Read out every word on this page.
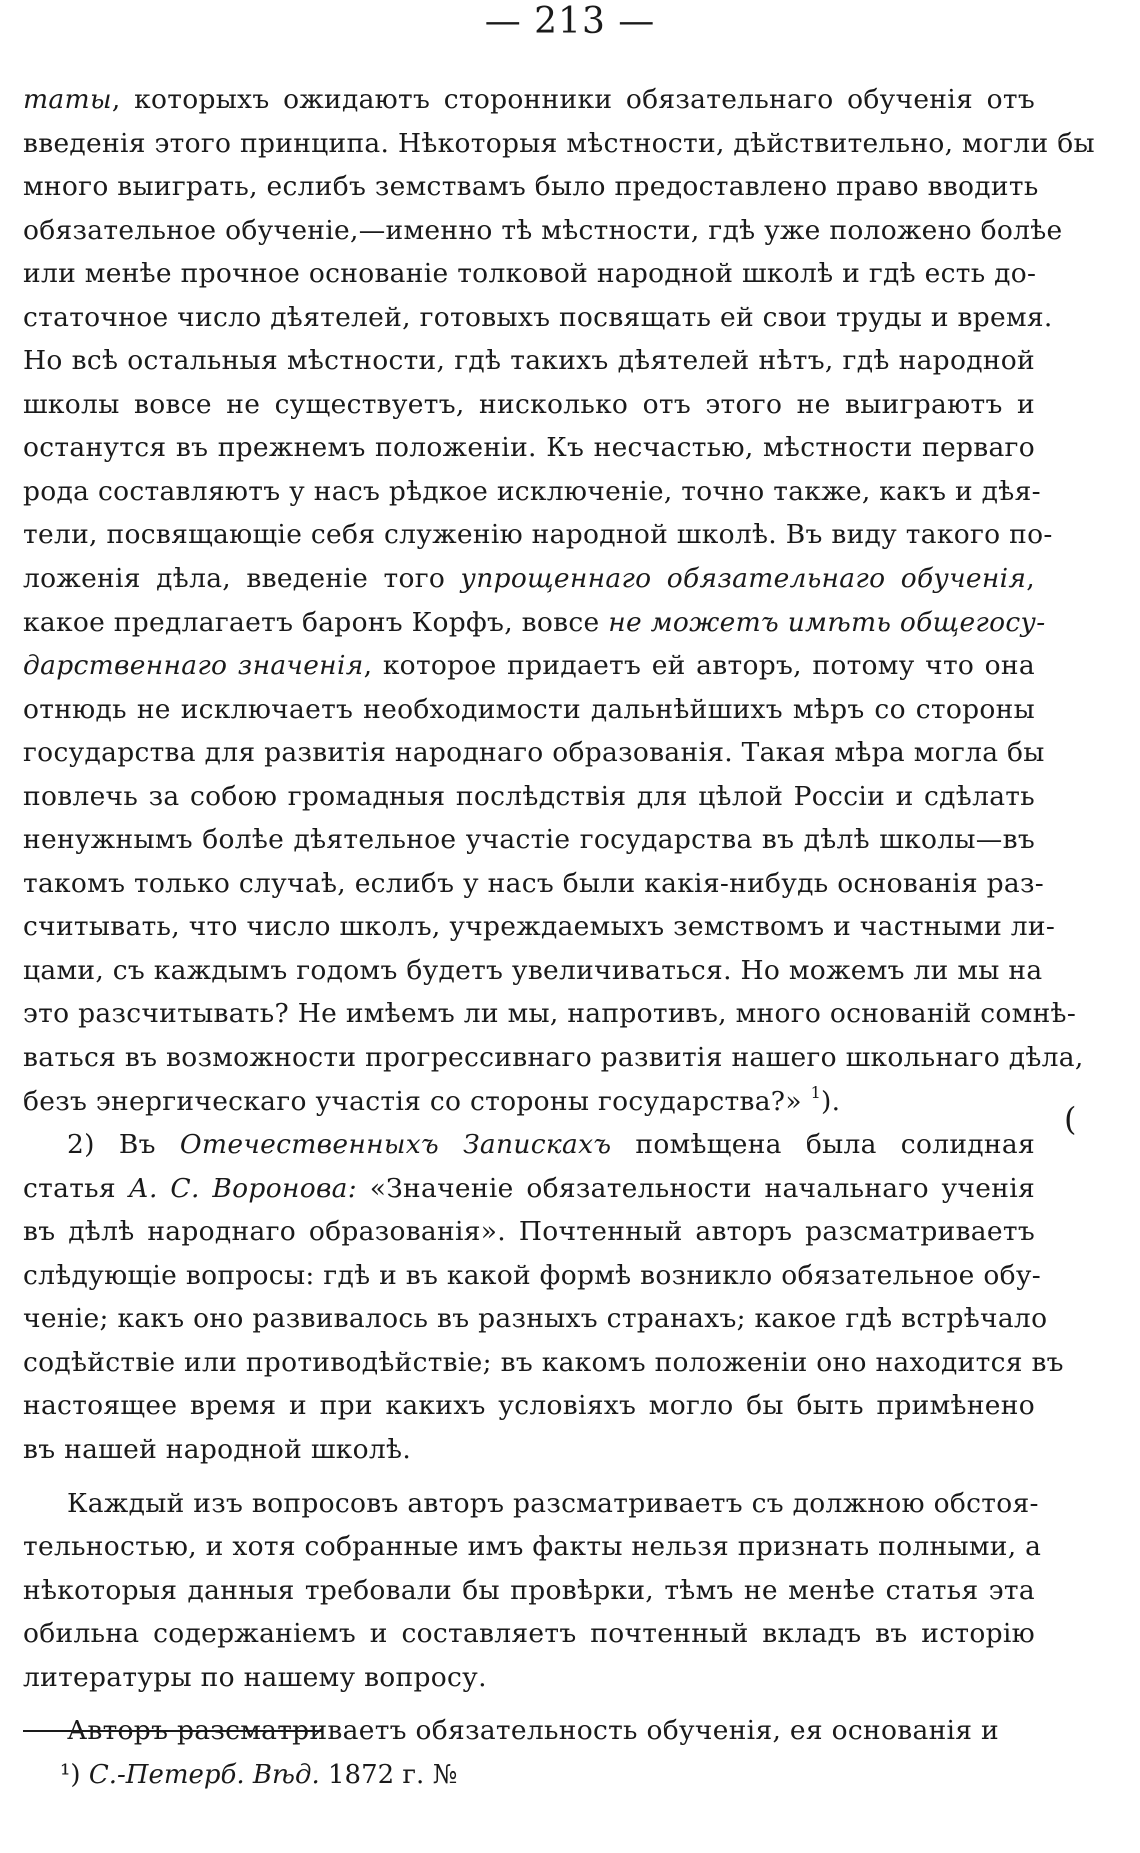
— 213 —
таты, которыхъ ожидаютъ сторонники обязательнаго обученія отъ
введенія этого принципа. Нѣкоторыя мѣстности, дѣйствительно, могли бы
много выиграть, еслибъ земствамъ было предоставлено право вводить
обязательное обученіе,—именно тѣ мѣстности, гдѣ уже положено болѣе
или менѣе прочное основаніе толковой народной школѣ и гдѣ есть до-
статочное число дѣятелей, готовыхъ посвящать ей свои труды и время.
Но всѣ остальныя мѣстности, гдѣ такихъ дѣятелей нѣтъ, гдѣ народной
школы вовсе не существуетъ, нисколько отъ этого не выиграютъ и
останутся въ прежнемъ положеніи. Къ несчастью, мѣстности перваго
рода составляютъ у насъ рѣдкое исключеніе, точно также, какъ и дѣя-
тели, посвящающіе себя служенію народной школѣ. Въ виду такого по-
ложенія дѣла, введеніе того упрощеннаго обязательнаго обученія,
какое предлагаетъ баронъ Корфъ, вовсе не можетъ имѣть общегосу-
дарственнаго значенія, которое придаетъ ей авторъ, потому что она
отнюдь не исключаетъ необходимости дальнѣйшихъ мѣръ со стороны
государства для развитія народнаго образованія. Такая мѣра могла бы
повлечь за собою громадныя послѣдствія для цѣлой Россіи и сдѣлать
ненужнымъ болѣе дѣятельное участіе государства въ дѣлѣ школы—въ
такомъ только случаѣ, еслибъ у насъ были какія-нибудь основанія раз-
считывать, что число школъ, учреждаемыхъ земствомъ и частными ли-
цами, съ каждымъ годомъ будетъ увеличиваться. Но можемъ ли мы на
это разсчитывать? Не имѣемъ ли мы, напротивъ, много основаній сомнѣ-
ваться въ возможности прогрессивнаго развитія нашего школьнаго дѣла,
безъ энергическаго участія со стороны государства?» $^1$).
2) Въ Отечественныхъ Запискахъ помѣщена была солидная
статья А. С. Воронова: «Значеніе обязательности начальнаго ученія
въ дѣлѣ народнаго образованія». Почтенный авторъ разсматриваетъ
слѣдующіе вопросы: гдѣ и въ какой формѣ возникло обязательное обу-
ченіе; какъ оно развивалось въ разныхъ странахъ; какое гдѣ встрѣчало
содѣйствіе или противодѣйствіе; въ какомъ положеніи оно находится въ
настоящее время и при какихъ условіяхъ могло бы быть примѣнено
въ нашей народной школѣ.
Каждый изъ вопросовъ авторъ разсматриваетъ съ должною обстоя-
тельностью, и хотя собранные имъ факты нельзя признать полными, а
нѣкоторыя данныя требовали бы провѣрки, тѣмъ не менѣе статья эта
обильна содержаніемъ и составляетъ почтенный вкладъ въ исторію
литературы по нашему вопросу.
Авторъ разсматриваетъ обязательность обученія, ея основанія и
(
¹) С.-Петерб. Вѣд. 1872 г. №
